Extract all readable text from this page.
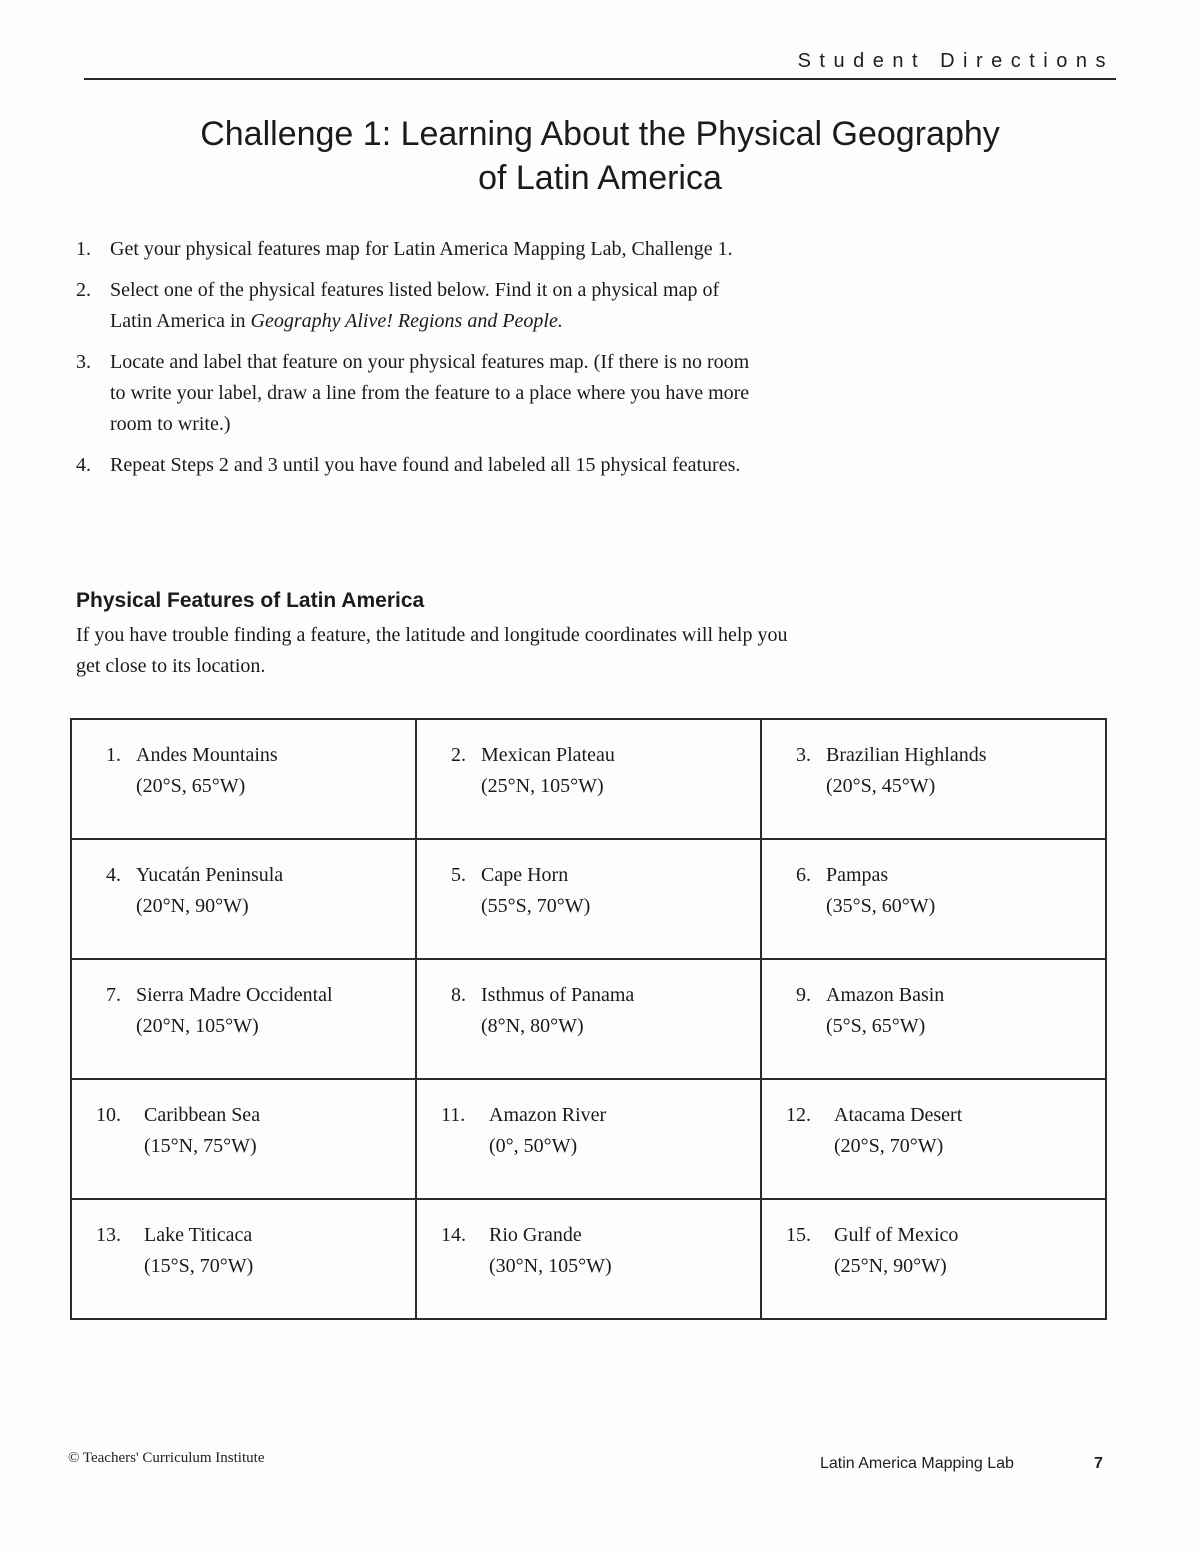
Student Directions
Challenge 1: Learning About the Physical Geography
of Latin America
1. Get your physical features map for Latin America Mapping Lab, Challenge 1.
2. Select one of the physical features listed below. Find it on a physical map of Latin America in Geography Alive! Regions and People.
3. Locate and label that feature on your physical features map. (If there is no room to write your label, draw a line from the feature to a place where you have more room to write.)
4. Repeat Steps 2 and 3 until you have found and labeled all 15 physical features.
Physical Features of Latin America

If you have trouble finding a feature, the latitude and longitude coordinates will help you get close to its location.

1. Andes Mountains
(20°S, 65°W)	2. Mexican Plateau
(25°N, 105°W)	3. Brazilian Highlands
(20°S, 45°W)

4. Yucatán Peninsula
(20°N, 90°W)	5. Cape Horn
(55°S, 70°W)	6. Pampas
(35°S, 60°W)

7. Sierra Madre Occidental
(20°N, 105°W)	8. Isthmus of Panama
(8°N, 80°W)	9. Amazon Basin
(5°S, 65°W)

10. Caribbean Sea
(15°N, 75°W)	11. Amazon River
(0°, 50°W)	12. Atacama Desert
(20°S, 70°W)

13. Lake Titicaca
(15°S, 70°W)	14. Rio Grande
(30°N, 105°W)	15. Gulf of Mexico
(25°N, 90°W)
© Teachers' Curriculum Institute	Latin America Mapping Lab	7
